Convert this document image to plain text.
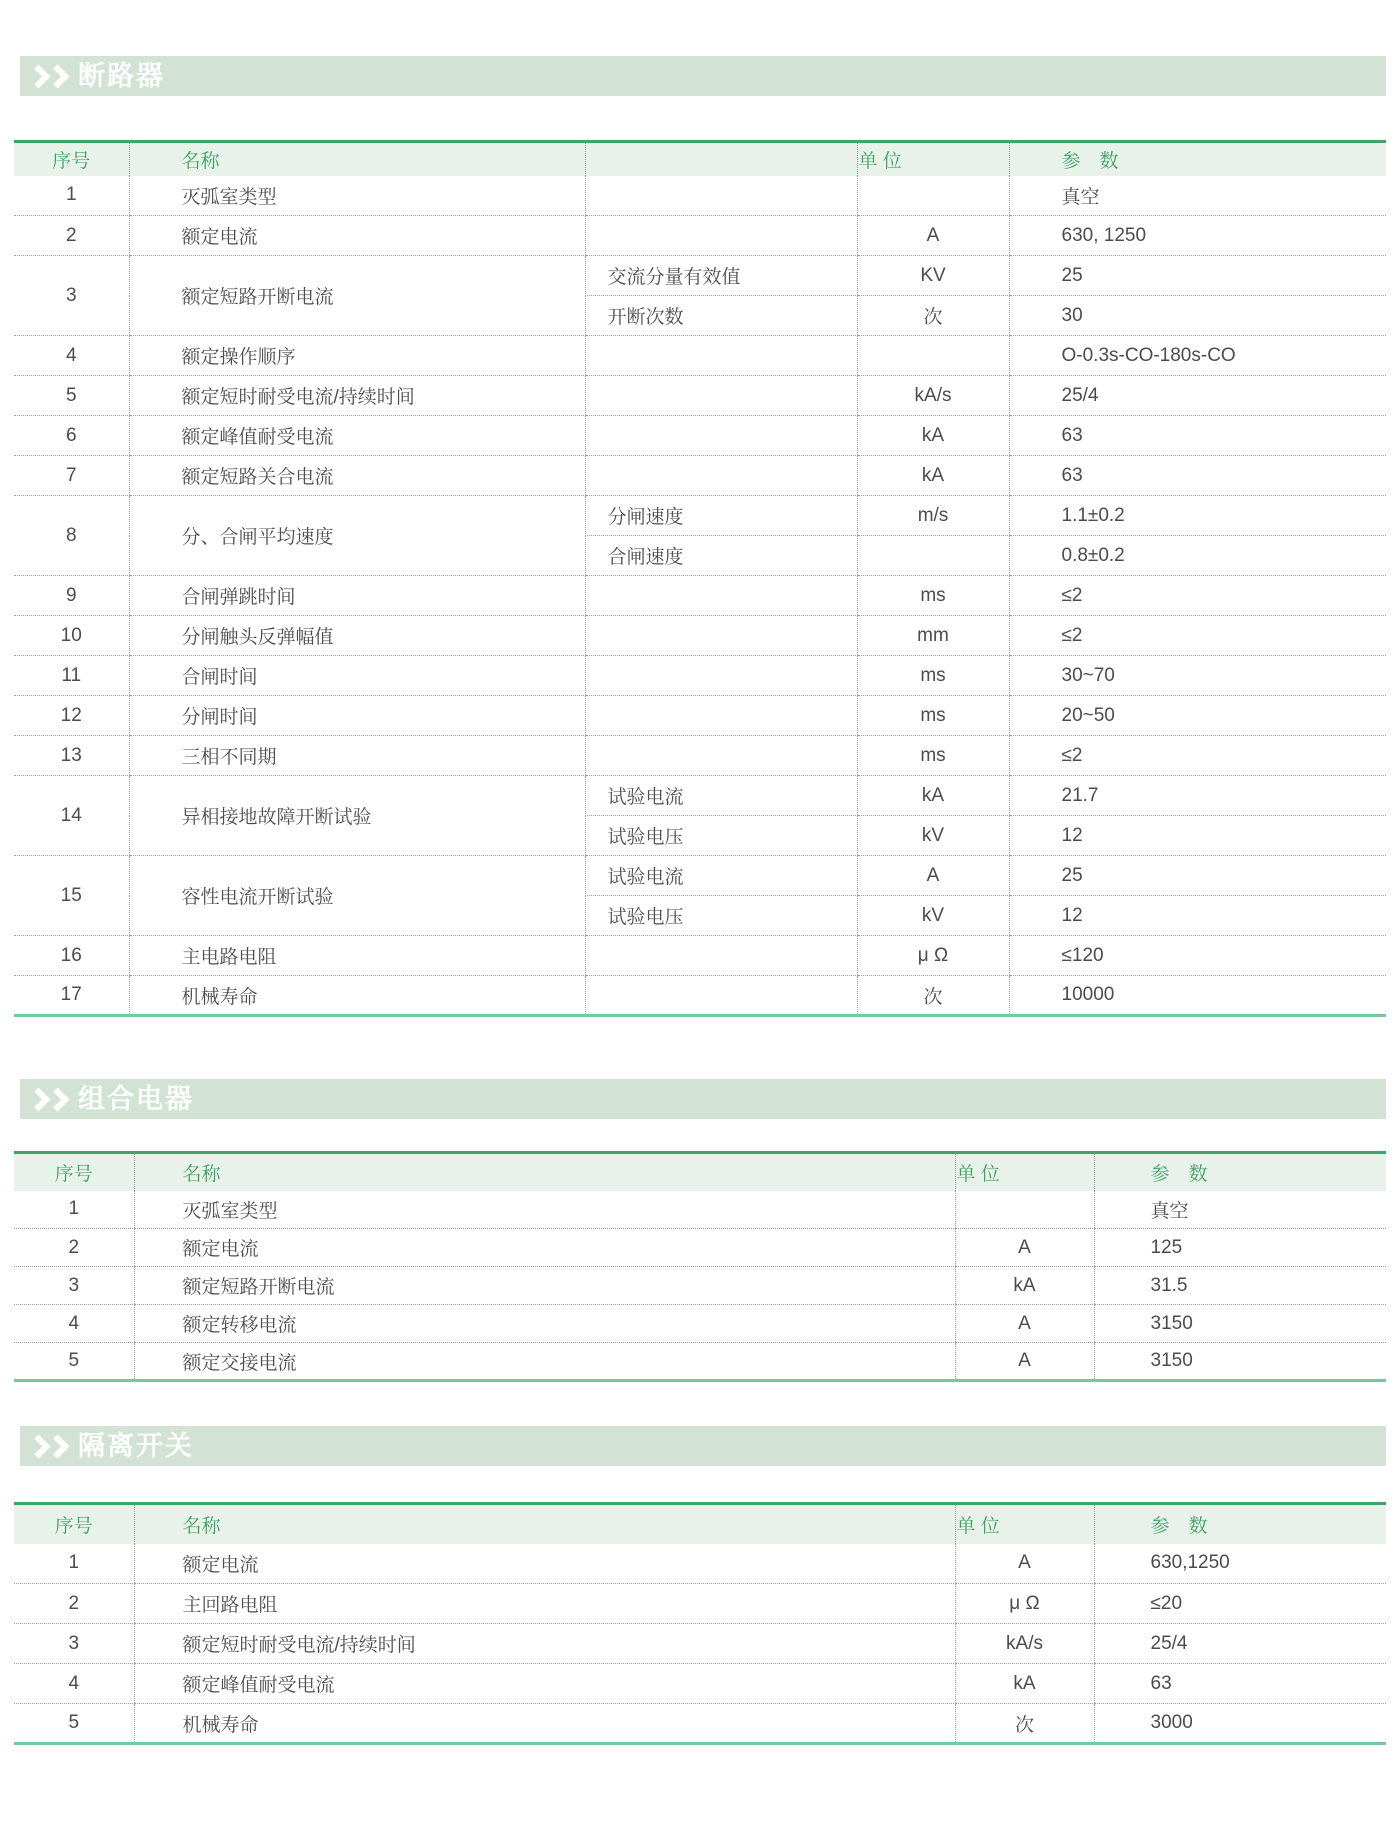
断路器
序号	名称		单 位	参　数
1	灭弧室类型			真空
2	额定电流		A	630, 1250
3	额定短路开断电流	交流分量有效值	KV	25
		开断次数	次	30
4	额定操作顺序			O-0.3s-CO-180s-CO
5	额定短时耐受电流/持续时间		kA/s	25/4
6	额定峰值耐受电流		kA	63
7	额定短路关合电流		kA	63
8	分、合闸平均速度	分闸速度	m/s	1.1±0.2
		合闸速度		0.8±0.2
9	合闸弹跳时间		ms	≤2
10	分闸触头反弹幅值		mm	≤2
11	合闸时间		ms	30~70
12	分闸时间		ms	20~50
13	三相不同期		ms	≤2
14	异相接地故障开断试验	试验电流	kA	21.7
		试验电压	kV	12
15	容性电流开断试验	试验电流	A	25
		试验电压	kV	12
16	主电路电阻		μ Ω	≤120
17	机械寿命		次	10000
组合电器
序号	名称	单 位	参　数
1	灭弧室类型		真空
2	额定电流	A	125
3	额定短路开断电流	kA	31.5
4	额定转移电流	A	3150
5	额定交接电流	A	3150
隔离开关
序号	名称	单 位	参　数
1	额定电流	A	630,1250
2	主回路电阻	μ Ω	≤20
3	额定短时耐受电流/持续时间	kA/s	25/4
4	额定峰值耐受电流	kA	63
5	机械寿命	次	3000
